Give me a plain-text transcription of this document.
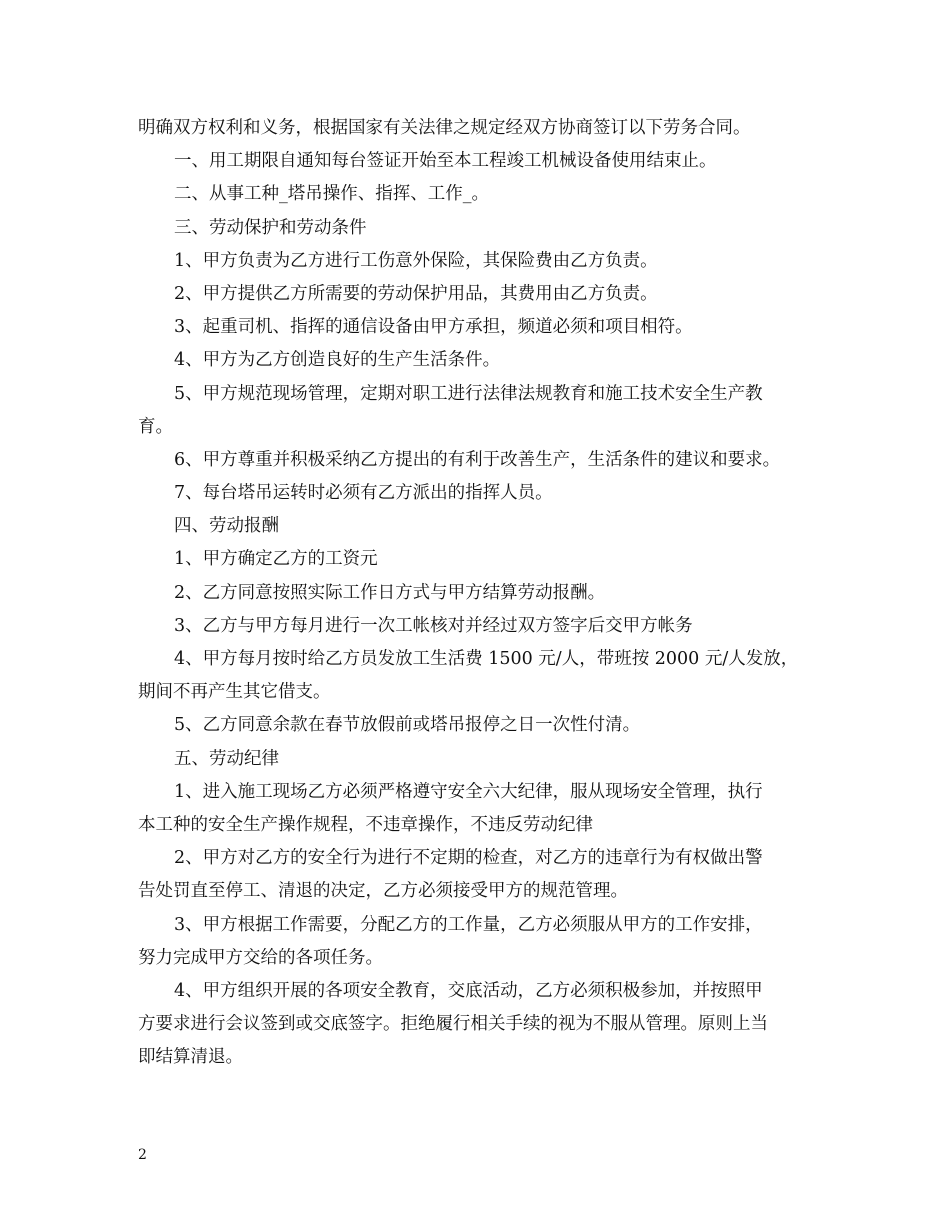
明确双方权利和义务，根据国家有关法律之规定经双方协商签订以下劳务合同。
一、用工期限自通知每台签证开始至本工程竣工机械设备使用结束止。
二、从事工种_塔吊操作、指挥、工作_。
三、劳动保护和劳动条件
1、甲方负责为乙方进行工伤意外保险，其保险费由乙方负责。
2、甲方提供乙方所需要的劳动保护用品，其费用由乙方负责。
3、起重司机、指挥的通信设备由甲方承担，频道必须和项目相符。
4、甲方为乙方创造良好的生产生活条件。
5、甲方规范现场管理，定期对职工进行法律法规教育和施工技术安全生产教
育。
6、甲方尊重并积极采纳乙方提出的有利于改善生产，生活条件的建议和要求。
7、每台塔吊运转时必须有乙方派出的指挥人员。
四、劳动报酬
1、甲方确定乙方的工资元
2、乙方同意按照实际工作日方式与甲方结算劳动报酬。
3、乙方与甲方每月进行一次工帐核对并经过双方签字后交甲方帐务
4、甲方每月按时给乙方员发放工生活费 1500 元/人，带班按 2000 元/人发放，
期间不再产生其它借支。
5、乙方同意余款在春节放假前或塔吊报停之日一次性付清。
五、劳动纪律
1、进入施工现场乙方必须严格遵守安全六大纪律，服从现场安全管理，执行
本工种的安全生产操作规程，不违章操作，不违反劳动纪律
2、甲方对乙方的安全行为进行不定期的检查，对乙方的违章行为有权做出警
告处罚直至停工、清退的决定，乙方必须接受甲方的规范管理。
3、甲方根据工作需要，分配乙方的工作量，乙方必须服从甲方的工作安排，
努力完成甲方交给的各项任务。
4、甲方组织开展的各项安全教育，交底活动，乙方必须积极参加，并按照甲
方要求进行会议签到或交底签字。拒绝履行相关手续的视为不服从管理。原则上当
即结算清退。
2
